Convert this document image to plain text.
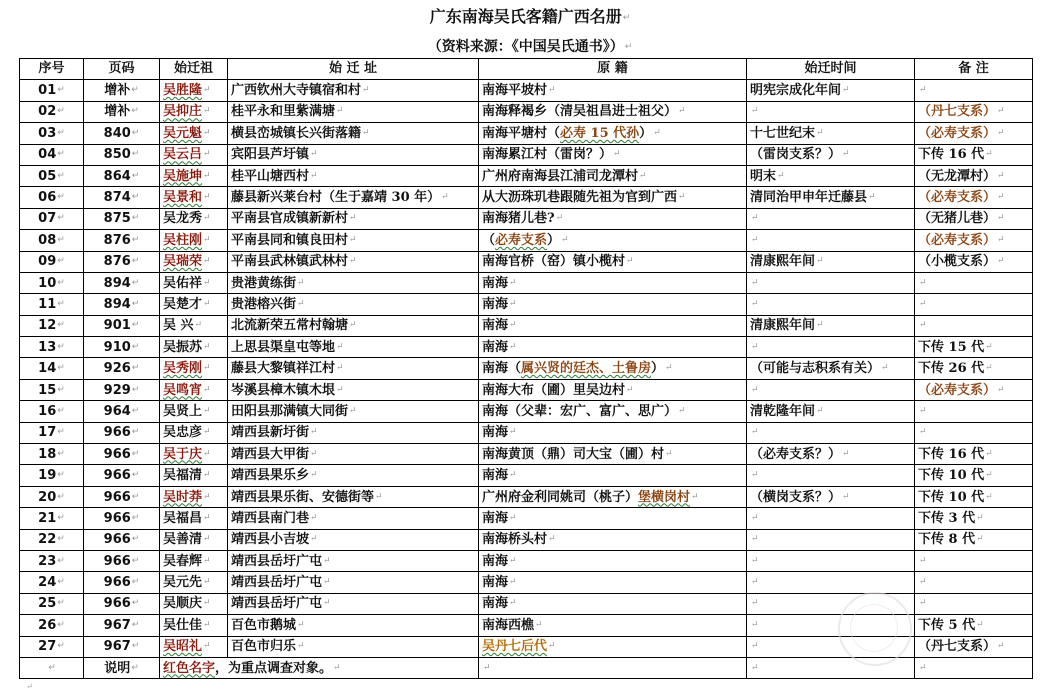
广东南海吴氏客籍广西名册↵
（资料来源：《中国吴氏通书》）↵
序号	页码	始迁祖	始 迁 址	原 籍	始迁时间	备 注
01↵	增补↵	吴胜隆↵	广西钦州大寺镇宿和村↵	南海平坡村↵	明宪宗成化年间↵	↵
02↵	增补↵	吴抑庄↵	桂平永和里紫满塘↵	南海释褐乡（清吴祖昌进士祖父）↵	↵	（丹七支系）↵
03↵	840↵	吴元魁↵	横县峦城镇长兴街落籍↵	南海平塘村（必寿 15 代孙）↵	十七世纪末↵	（必寿支系）↵
04↵	850↵	吴云吕↵	宾阳县芦圩镇↵	南海累江村（雷岗？）↵	（雷岗支系？）↵	下传 16 代↵
05↵	864↵	吴施坤↵	桂平山塘西村↵	广州府南海县江浦司龙潭村↵	明末↵	（无龙潭村）↵
06↵	874↵	吴景和↵	藤县新兴莱台村（生于嘉靖 30 年）↵	从大沥珠玑巷跟随先祖为官到广西↵	清同治甲申年迁藤县↵	（必寿支系）↵
07↵	875↵	吴龙秀↵	平南县官成镇新新村↵	南海猪儿巷?↵	↵	（无猪儿巷）↵
08↵	876↵	吴柱刚↵	平南县同和镇良田村↵	（必寿支系）↵	↵	（必寿支系）↵
09↵	876↵	吴瑞荣↵	平南县武林镇武林村↵	南海官桥（窑）镇小榄村↵	清康熙年间↵	（小榄支系）↵
10↵	894↵	吴佑祥↵	贵港黄练街↵	南海↵	↵	↵
11↵	894↵	吴楚才↵	贵港榕兴街↵	南海↵	↵	↵
12↵	901↵	吴 兴↵	北流新荣五常村翰塘↵	南海↵	清康熙年间↵	↵
13↵	910↵	吴振苏↵	上思县渠皇屯等地↵	南海↵	↵	下传 15 代↵
14↵	926↵	吴秀刚↵	藤县大黎镇祥江村↵	南海（属兴贤的廷杰、土鲁房）↵	（可能与志积系有关）↵	下传 26 代↵
15↵	929↵	吴鸣宵↵	岑溪县樟木镇木垠↵	南海大布（圃）里吴边村↵	↵	（必寿支系）↵
16↵	964↵	吴贤上↵	田阳县那满镇大同街↵	南海（父辈：宏广、富广、思广）↵	清乾隆年间↵	↵
17↵	966↵	吴忠彦↵	靖西县新圩街↵	南海↵	↵	↵
18↵	966↵	吴于庆↵	靖西县大甲街↵	南海黄顶（鼎）司大宝（圃）村↵	（必寿支系？）↵	下传 16 代↵
19↵	966↵	吴福清↵	靖西县果乐乡↵	南海↵	↵	下传 10 代↵
20↵	966↵	吴时莽↵	靖西县果乐街、安德街等↵	广州府金利同姚司（桃子）堡横岗村↵	（横岗支系？）↵	下传 10 代↵
21↵	966↵	吴福昌↵	靖西县南门巷↵	南海↵	↵	下传 3 代↵
22↵	966↵	吴善清↵	靖西县小吉坡↵	南海桥头村↵	↵	下传 8 代↵
23↵	966↵	吴春辉↵	靖西县岳圩广屯↵	南海↵	↵	↵
24↵	966↵	吴元先↵	靖西县岳圩广屯↵	南海↵	↵	↵
25↵	966↵	吴顺庆↵	靖西县岳圩广屯↵	南海↵	↵	↵
26↵	967↵	吴仕佳↵	百色市鹅城↵	南海西樵↵	↵	下传 5 代↵
27↵	967↵	吴昭礼↵	百色市归乐↵	吴丹七后代↵	↵	（丹七支系）↵
↵	说明↵	红色名字，为重点调查对象。↵		↵	↵	↵
↵
